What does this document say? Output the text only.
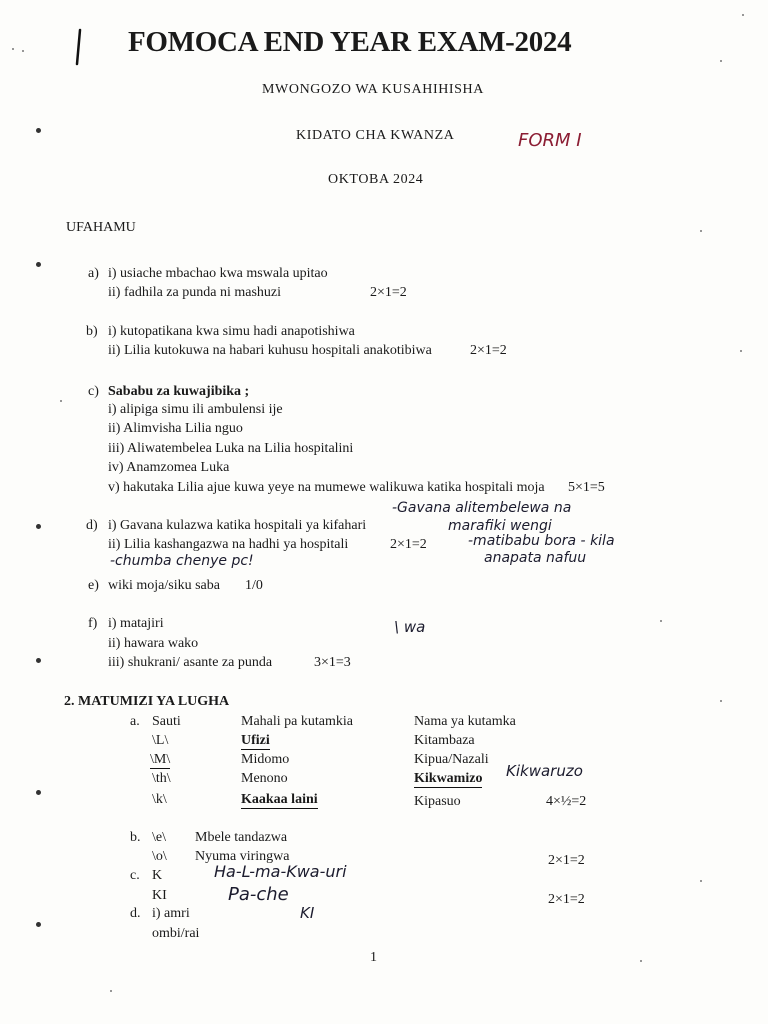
FOMOCA END YEAR EXAM-2024
MWONGOZO WA KUSAHIHISHA
KIDATO CHA KWANZA	FORM I
OKTOBA 2024
UFAHAMU
a) i) usiache mbachao kwa mswala upitao
ii) fadhila za punda ni mashuzi	2×1=2
b) i) kutopatikana kwa simu hadi anapotishiwa
ii) Lilia kutokuwa na habari kuhusu hospitali anakotibiwa	2×1=2
c) Sababu za kuwajibika ;
i) alipiga simu ili ambulensi ije
ii) Alimvisha Lilia nguo
iii) Aliwatembelea Luka na Lilia hospitalini
iv) Anamzomea Luka
v) hakutaka Lilia ajue kuwa yeye na mumewe walikuwa katika hospitali moja 5×1=5
d) i) Gavana kulazwa katika hospitali ya kifahari
ii) Lilia kashangazwa na hadhi ya hospitali	2×1=2
-Gavana alitembelewa na
marafiki wengi
-matibabu bora - kila
anapata nafuu
-chumba chenye pc!
e) wiki moja/siku saba 1/0
f) i) matajiri
ii) hawara wako
iii) shukrani/ asante za punda	3×1=3
\ wa
2. MATUMIZI YA LUGHA
a. Sauti	Mahali pa kutamkia	Nama ya kutamka
\L\	Ufizi	Kitambaza
\M\	Midomo	Kipua/Nazali
\th\	Menono	Kikwamizo Kikwaruzo
\k\	Kaakaa laini	Kipasuo	4×½=2
b. \e\ Mbele tandazwa
\o\ Nyuma viringwa	2×1=2
c. K
KI	2×1=2
Ha-L-ma-Kwa-uri
Pa-che
KI
d. i) amri
ombi/rai
1
